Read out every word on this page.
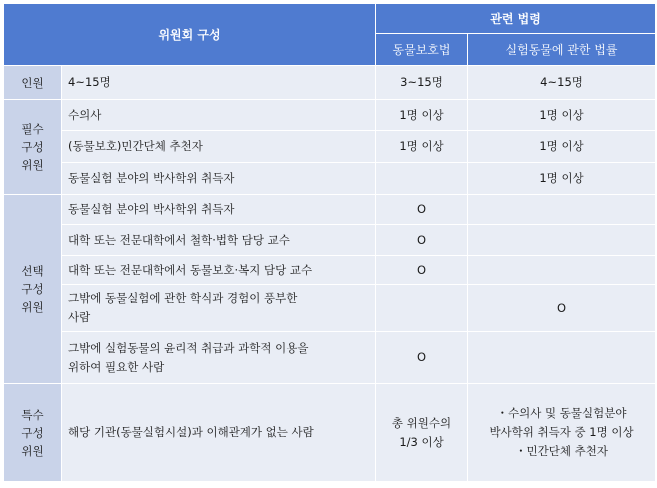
위원회 구성		관련 법령	
		동물보호법	실험동물에 관한 법률
인원	4~15명	3~15명	4~15명

필수
구성
위원	수의사	1명 이상	1명 이상
	(동물보호)민간단체 추천자	1명 이상	1명 이상
	동물실험 분야의 박사학위 취득자		1명 이상

선택
구성
위원	동물실험 분야의 박사학위 취득자	O	
	대학 또는 전문대학에서 철학·법학 담당 교수	O	
	대학 또는 전문대학에서 동물보호·복지 담당 교수	O	

	그밖에 동물실험에 관한 학식과 경험이 풍부한
사람		O

	그밖에 실험동물의 윤리적 취급과 과학적 이용을
위하여 필요한 사람	O	

특수
구성
위원	해당 기관(동물실험시설)과 이해관계가 없는 사람	총 위원수의
1/3 이상	・수의사 및 동물실험분야
박사학위 취득자 중 1명 이상
・민간단체 추천자
